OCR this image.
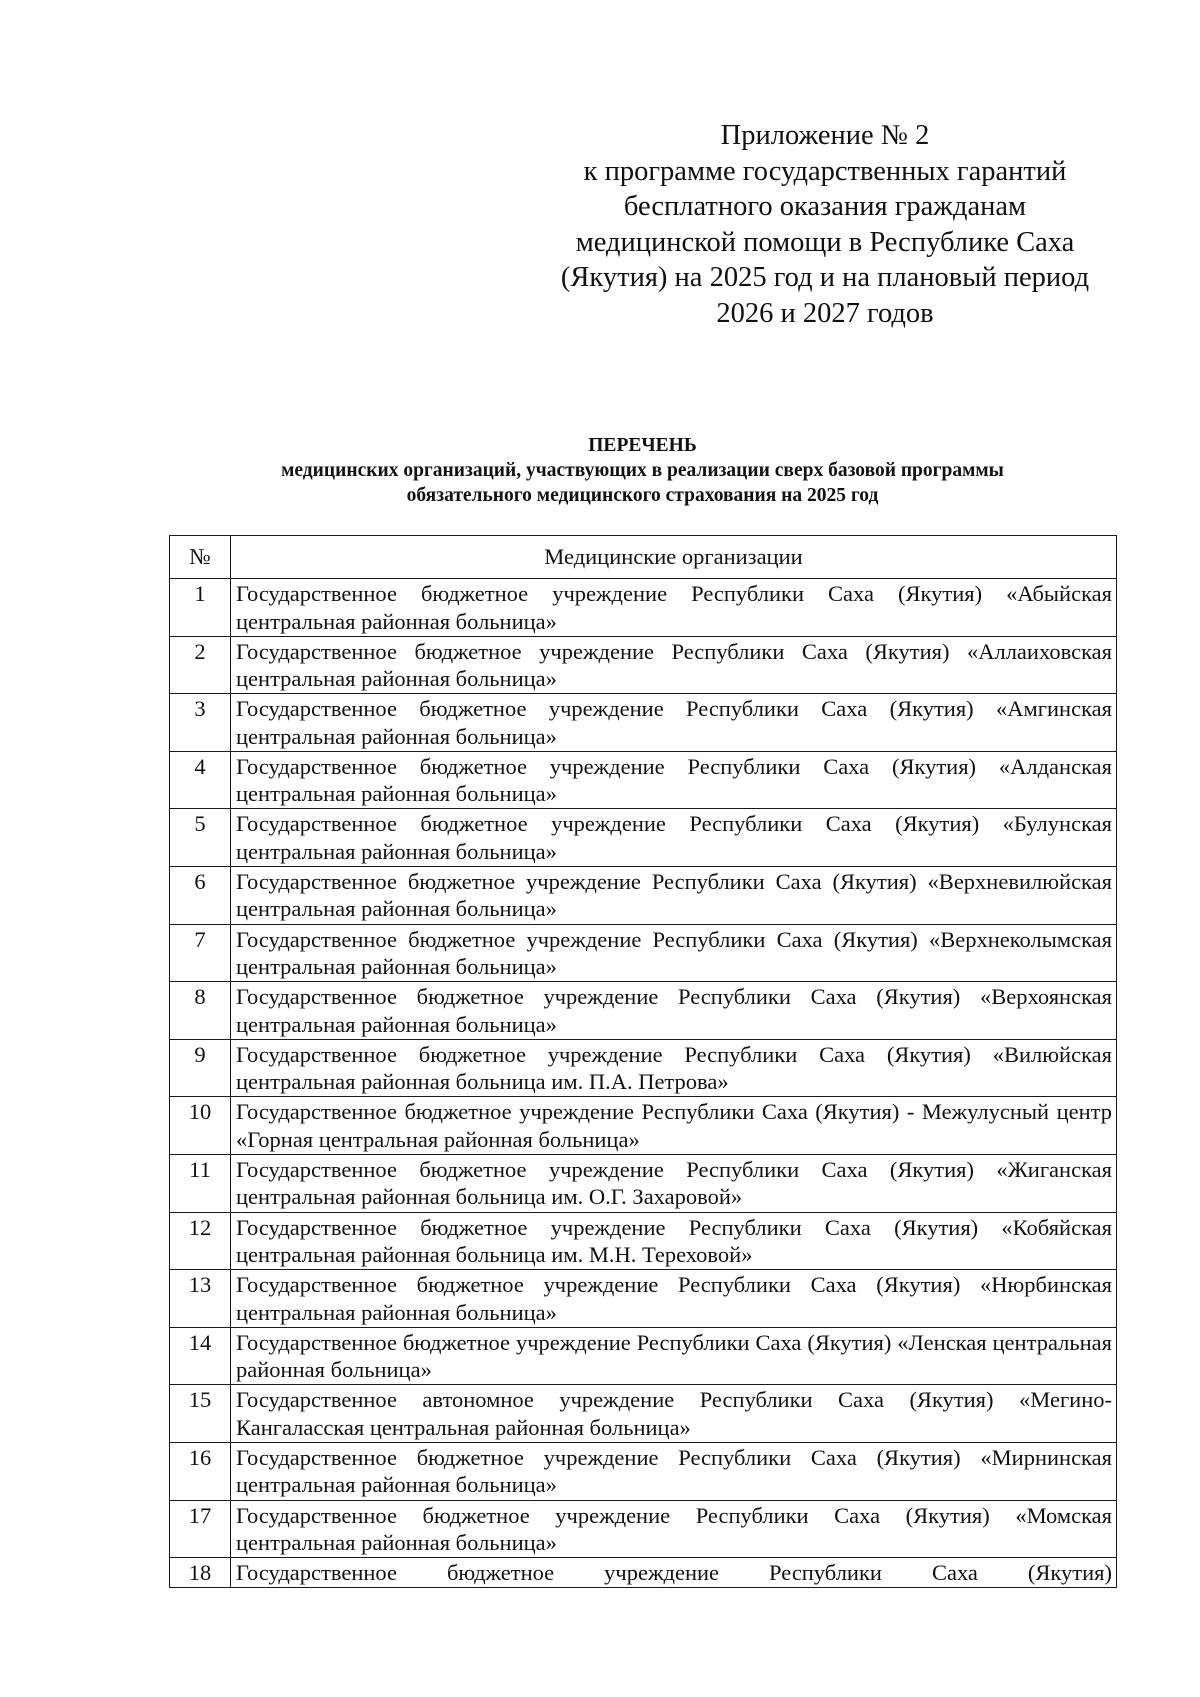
Приложение № 2
к программе государственных гарантий
бесплатного оказания гражданам
медицинской помощи в Республике Саха
(Якутия) на 2025 год и на плановый период
2026 и 2027 годов
ПЕРЕЧЕНЬ
медицинских организаций, участвующих в реализации сверх базовой программы
обязательного медицинского страхования на 2025 год
№	Медицинские организации
1	Государственное бюджетное учреждение Республики Саха (Якутия) «Абыйская центральная районная больница»

2	Государственное бюджетное учреждение Республики Саха (Якутия) «Аллаиховская центральная районная больница»

3	Государственное бюджетное учреждение Республики Саха (Якутия) «Амгинская центральная районная больница»

4	Государственное бюджетное учреждение Республики Саха (Якутия) «Алданская центральная районная больница»

5	Государственное бюджетное учреждение Республики Саха (Якутия) «Булунская центральная районная больница»

6	Государственное бюджетное учреждение Республики Саха (Якутия) «Верхневилюйская центральная районная больница»

7	Государственное бюджетное учреждение Республики Саха (Якутия) «Верхнеколымская центральная районная больница»

8	Государственное бюджетное учреждение Республики Саха (Якутия) «Верхоянская центральная районная больница»

9	Государственное бюджетное учреждение Республики Саха (Якутия) «Вилюйская центральная районная больница им. П.А. Петрова»

10	Государственное бюджетное учреждение Республики Саха (Якутия) - Межулусный центр «Горная центральная районная больница»

11	Государственное бюджетное учреждение Республики Саха (Якутия) «Жиганская центральная районная больница им. О.Г. Захаровой»

12	Государственное бюджетное учреждение Республики Саха (Якутия) «Кобяйская центральная районная больница им. М.Н. Тереховой»

13	Государственное бюджетное учреждение Республики Саха (Якутия) «Нюрбинская центральная районная больница»

14	Государственное бюджетное учреждение Республики Саха (Якутия) «Ленская центральная районная больница»

15	Государственное автономное учреждение Республики Саха (Якутия) «Мегино-Кангаласская центральная районная больница»

16	Государственное бюджетное учреждение Республики Саха (Якутия) «Мирнинская центральная районная больница»

17	Государственное бюджетное учреждение Республики Саха (Якутия) «Момская центральная районная больница»

18	Государственное бюджетное учреждение Республики Саха (Якутия)
